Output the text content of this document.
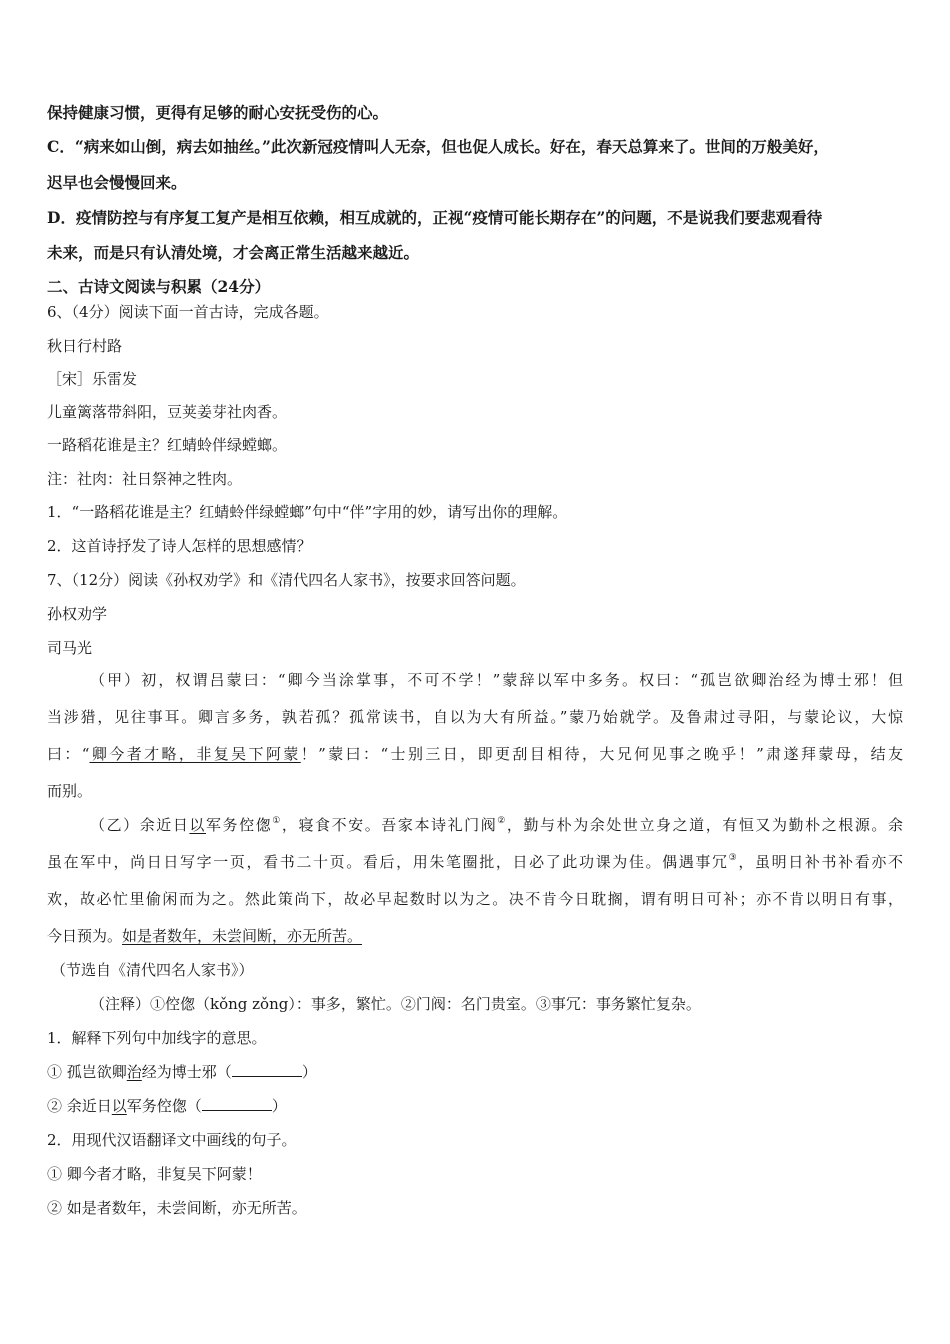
保持健康习惯，更得有足够的耐心安抚受伤的心。
C．“病来如山倒，病去如抽丝。”此次新冠疫情叫人无奈，但也促人成长。好在，春天总算来了。世间的万般美好，
迟早也会慢慢回来。
D．疫情防控与有序复工复产是相互依赖，相互成就的，正视“疫情可能长期存在”的问题，不是说我们要悲观看待
未来，而是只有认清处境，才会离正常生活越来越近。
二、古诗文阅读与积累（24分）
6、（4分）阅读下面一首古诗，完成各题。
秋日行村路
［宋］乐雷发
儿童篱落带斜阳，豆荚姜芽社肉香。
一路稻花谁是主？红蜻蛉伴绿螳螂。
注：社肉：社日祭神之牲肉。
1．“一路稻花谁是主？红蜻蛉伴绿螳螂”句中“伴”字用的妙，请写出你的理解。
2．这首诗抒发了诗人怎样的思想感情？
7、（12分）阅读《孙权劝学》和《清代四名人家书》，按要求回答问题。
孙权劝学
司马光
（甲）初，权谓吕蒙曰：“卿今当涂掌事，不可不学！”蒙辞以军中多务。权曰：“孤岂欲卿治经为博士邪！但
当涉猎，见往事耳。卿言多务，孰若孤？孤常读书，自以为大有所益。”蒙乃始就学。及鲁肃过寻阳，与蒙论议，大惊
曰：“卿今者才略，非复吴下阿蒙！”蒙曰：“士别三日，即更刮目相待，大兄何见事之晚乎！”肃遂拜蒙母，结友
而别。
（乙）余近日以军务倥偬①，寝食不安。吾家本诗礼门阀②，勤与朴为余处世立身之道，有恒又为勤朴之根源。余
虽在军中，尚日日写字一页，看书二十页。看后，用朱笔圈批，日必了此功课为佳。偶遇事冗③，虽明日补书补看亦不
欢，故必忙里偷闲而为之。然此策尚下，故必早起数时以为之。决不肯今日耽搁，谓有明日可补；亦不肯以明日有事，
今日预为。如是者数年，未尝间断，亦无所苦。
（节选自《清代四名人家书》）
（注释）①倥偬（kǒng zǒng）：事多，繁忙。②门阀：名门贵室。③事冗：事务繁忙复杂。
1．解释下列句中加线字的意思。
① 孤岂欲卿治经为博士邪（	）
② 余近日以军务倥偬（	）
2．用现代汉语翻译文中画线的句子。
① 卿今者才略，非复吴下阿蒙！
② 如是者数年，未尝间断，亦无所苦。
